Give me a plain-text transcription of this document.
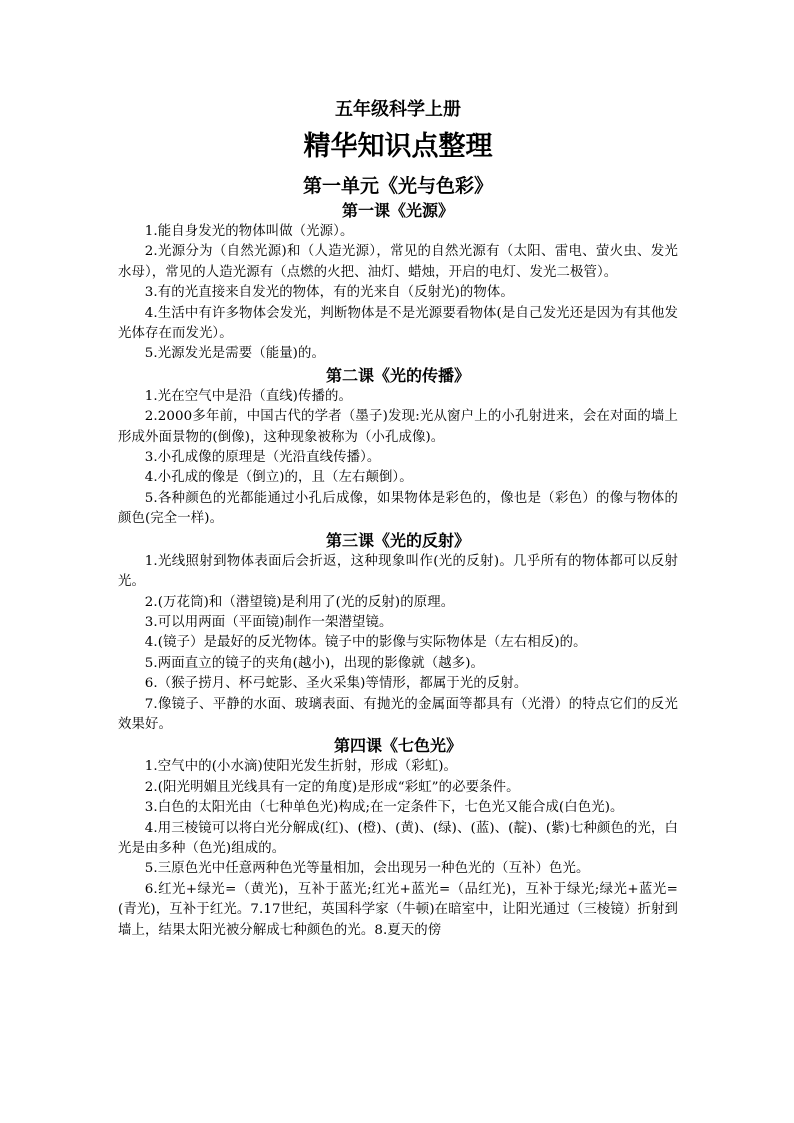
五年级科学上册
精华知识点整理
第一单元《光与色彩》
第一课《光源》

1.能自身发光的物体叫做（光源）。

2.光源分为（自然光源)和（人造光源），常见的自然光源有（太阳、雷电、萤火虫、发光水母），常见的人造光源有（点燃的火把、油灯、蜡烛，开启的电灯、发光二极管）。

3.有的光直接来自发光的物体，有的光来自（反射光)的物体。

4.生活中有许多物体会发光，判断物体是不是光源要看物体(是自己发光还是因为有其他发光体存在而发光）。

5.光源发光是需要（能量)的。

第二课《光的传播》

1.光在空气中是沿（直线)传播的。

2.2000多年前，中国古代的学者（墨子)发现:光从窗户上的小孔射进来，会在对面的墙上形成外面景物的(倒像)，这种现象被称为（小孔成像)。

3.小孔成像的原理是（光沿直线传播）。

4.小孔成的像是（倒立)的，且（左右颠倒）。

5.各种颜色的光都能通过小孔后成像，如果物体是彩色的，像也是（彩色）的像与物体的颜色(完全一样)。

第三课《光的反射》

1.光线照射到物体表面后会折返，这种现象叫作(光的反射)。几乎所有的物体都可以反射光。

2.(万花筒)和（潜望镜)是利用了(光的反射)的原理。

3.可以用两面（平面镜)制作一架潜望镜。

4.(镜子）是最好的反光物体。镜子中的影像与实际物体是（左右相反)的。

5.两面直立的镜子的夹角(越小)，出现的影像就（越多)。

6.（猴子捞月、杯弓蛇影、圣火采集)等情形，都属于光的反射。

7.像镜子、平静的水面、玻璃表面、有抛光的金属面等都具有（光滑）的特点它们的反光效果好。

第四课《七色光》

1.空气中的(小水滴)使阳光发生折射，形成（彩虹)。

2.(阳光明媚且光线具有一定的角度)是形成“彩虹”的必要条件。

3.白色的太阳光由（七种单色光)构成;在一定条件下，七色光又能合成(白色光)。

4.用三棱镜可以将白光分解成(红)、(橙)、(黄)、(绿)、(蓝)、(靛)、(紫)七种颜色的光，白光是由多种（色光)组成的。

5.三原色光中任意两种色光等量相加，会出现另一种色光的（互补）色光。

6.红光+绿光=（黄光)，互补于蓝光;红光+蓝光=（品红光)，互补于绿光;绿光+蓝光=(青光)，互补于红光。7.17世纪，英国科学家（牛顿)在暗室中，让阳光通过（三棱镜）折射到墙上，结果太阳光被分解成七种颜色的光。8.夏天的傍
